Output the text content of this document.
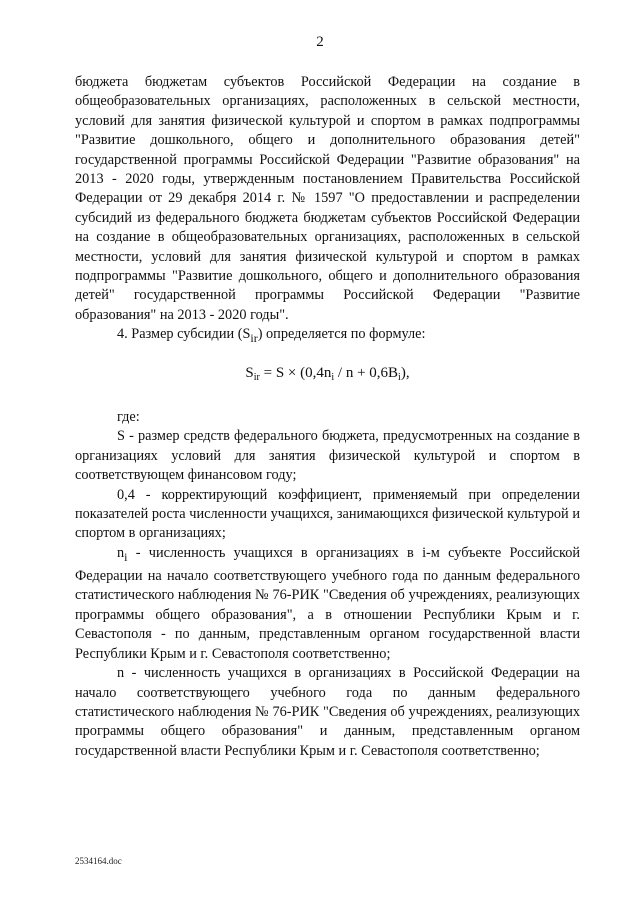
2

бюджета бюджетам субъектов Российской Федерации на создание в общеобразовательных организациях, расположенных в сельской местности, условий для занятия физической культурой и спортом в рамках подпрограммы "Развитие дошкольного, общего и дополнительного образования детей" государственной программы Российской Федерации "Развитие образования" на 2013 - 2020 годы, утвержденным постановлением Правительства Российской Федерации от 29 декабря 2014 г. № 1597 "О предоставлении и распределении субсидий из федерального бюджета бюджетам субъектов Российской Федерации на создание в общеобразовательных организациях, расположенных в сельской местности, условий для занятия физической культурой и спортом в рамках подпрограммы "Развитие дошкольного, общего и дополнительного образования детей" государственной программы Российской Федерации "Развитие образования" на 2013 - 2020 годы".

4. Размер субсидии $(S_{ir})$ определяется по формуле:

$S_{ir} = S \times (0,4n_i / n + 0,6B_i)$,

где:

S - размер средств федерального бюджета, предусмотренных на создание в организациях условий для занятия физической культурой и спортом в соответствующем финансовом году;

0,4 - корректирующий коэффициент, применяемый при определении показателей роста численности учащихся, занимающихся физической культурой и спортом в организациях;

$n_i$ - численность учащихся в организациях в i-м субъекте Российской Федерации на начало соответствующего учебного года по данным федерального статистического наблюдения № 76-РИК "Сведения об учреждениях, реализующих программы общего образования", а в отношении Республики Крым и г. Севастополя - по данным, представленным органом государственной власти Республики Крым и г. Севастополя соответственно;

n - численность учащихся в организациях в Российской Федерации на начало соответствующего учебного года по данным федерального статистического наблюдения № 76-РИК "Сведения об учреждениях, реализующих программы общего образования" и данным, представленным органом государственной власти Республики Крым и г. Севастополя соответственно;

2534164.doc
